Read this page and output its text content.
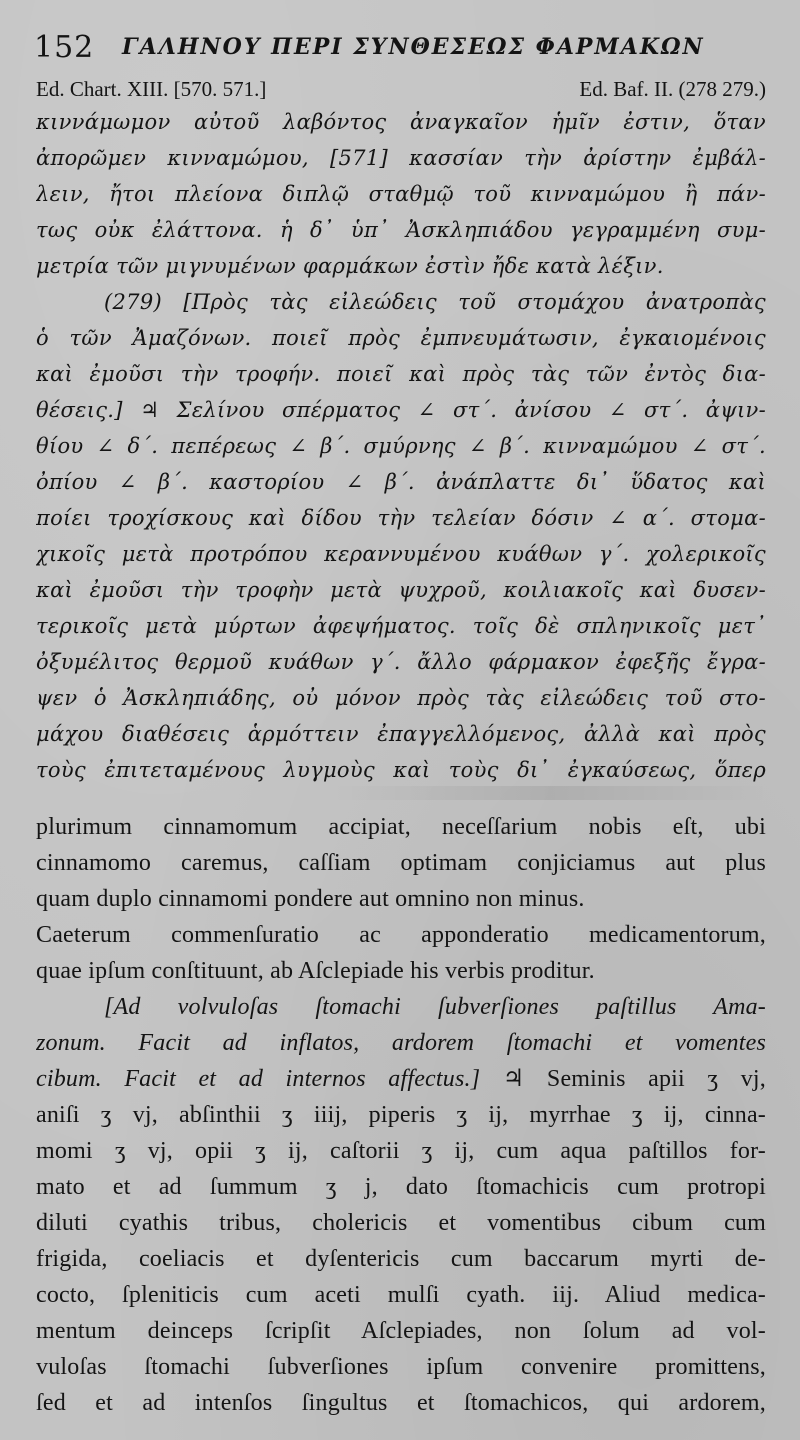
152 ΓΑΛΗΝΟΥ ΠΕΡΙ ΣΥΝΘΕΣΕΩΣ ΦΑΡΜΑΚΩΝ
Ed. Chart. XIII. [570. 571.]	Ed. Baf. II. (278 279.)
κιννάμωμον αὐτοῦ λαβόντος ἀναγκαῖον ἡμῖν ἐστιν, ὅταν
ἀπορῶμεν κινναμώμου, [571] κασσίαν τὴν ἀρίστην ἐμβάλ-
λειν, ἤτοι πλείονα διπλῷ σταθμῷ τοῦ κινναμώμου ἢ πάν-
τως οὐκ ἐλάττονα. ἡ δ᾽ ὑπ᾽ Ἀσκληπιάδου γεγραμμένη συμ-
μετρία τῶν μιγνυμένων φαρμάκων ἐστὶν ἤδε κατὰ λέξιν.
(279) [Πρὸς τὰς εἰλεώδεις τοῦ στομάχου ἀνατροπὰς
ὁ τῶν Ἀμαζόνων. ποιεῖ πρὸς ἐμπνευμάτωσιν, ἐγκαιομένοις
καὶ ἐμοῦσι τὴν τροφήν. ποιεῖ καὶ πρὸς τὰς τῶν ἐντὸς δια-
θέσεις.] ♃ Σελίνου σπέρματος ∠ στ΄. ἀνίσου ∠ στ΄. ἀψιν-
θίου ∠ δ΄. πεπέρεως ∠ β΄. σμύρνης ∠ β΄. κινναμώμου ∠ στ΄.
ὀπίου ∠ β΄. καστορίου ∠ β΄. ἀνάπλαττε δι᾽ ὕδατος καὶ
ποίει τροχίσκους καὶ δίδου τὴν τελείαν δόσιν ∠ α΄. στομα-
χικοῖς μετὰ προτρόπου κεραννυμένου κυάθων γ΄. χολερικοῖς
καὶ ἐμοῦσι τὴν τροφὴν μετὰ ψυχροῦ, κοιλιακοῖς καὶ δυσεν-
τερικοῖς μετὰ μύρτων ἀφεψήματος. τοῖς δὲ σπληνικοῖς μετ᾽
ὀξυμέλιτος θερμοῦ κυάθων γ΄. ἄλλο φάρμακον ἐφεξῆς ἔγρα-
ψεν ὁ Ἀσκληπιάδης, οὐ μόνον πρὸς τὰς εἰλεώδεις τοῦ στο-
μάχου διαθέσεις ἁρμόττειν ἐπαγγελλόμενος, ἀλλὰ καὶ πρὸς
τοὺς ἐπιτεταμένους λυγμοὺς καὶ τοὺς δι᾽ ἐγκαύσεως, ὅπερ
plurimum cinnamomum accipiat, neceſſarium nobis eſt, ubi
cinnamomo caremus, caſſiam optimam conjiciamus aut plus
quam duplo cinnamomi pondere aut omnino non minus.
Caeterum commenſuratio ac apponderatio medicamentorum,
quae ipſum conſtituunt, ab Aſclepiade his verbis proditur.
[Ad volvuloſas ſtomachi ſubverſiones paſtillus Ama-
zonum. Facit ad inflatos, ardorem ſtomachi et vomentes
cibum. Facit et ad internos affectus.] ♃ Seminis apii ʒ vj,
aniſi ʒ vj, abſinthii ʒ iiij, piperis ʒ ij, myrrhae ʒ ij, cinna-
momi ʒ vj, opii ʒ ij, caſtorii ʒ ij, cum aqua paſtillos for-
mato et ad ſummum ʒ j, dato ſtomachicis cum protropi
diluti cyathis tribus, cholericis et vomentibus cibum cum
frigida, coeliacis et dyſentericis cum baccarum myrti de-
cocto, ſpleniticis cum aceti mulſi cyath. iij. Aliud medica-
mentum deinceps ſcripſit Aſclepiades, non ſolum ad vol-
vuloſas ſtomachi ſubverſiones ipſum convenire promittens,
ſed et ad intenſos ſingultus et ſtomachicos, qui ardorem,
